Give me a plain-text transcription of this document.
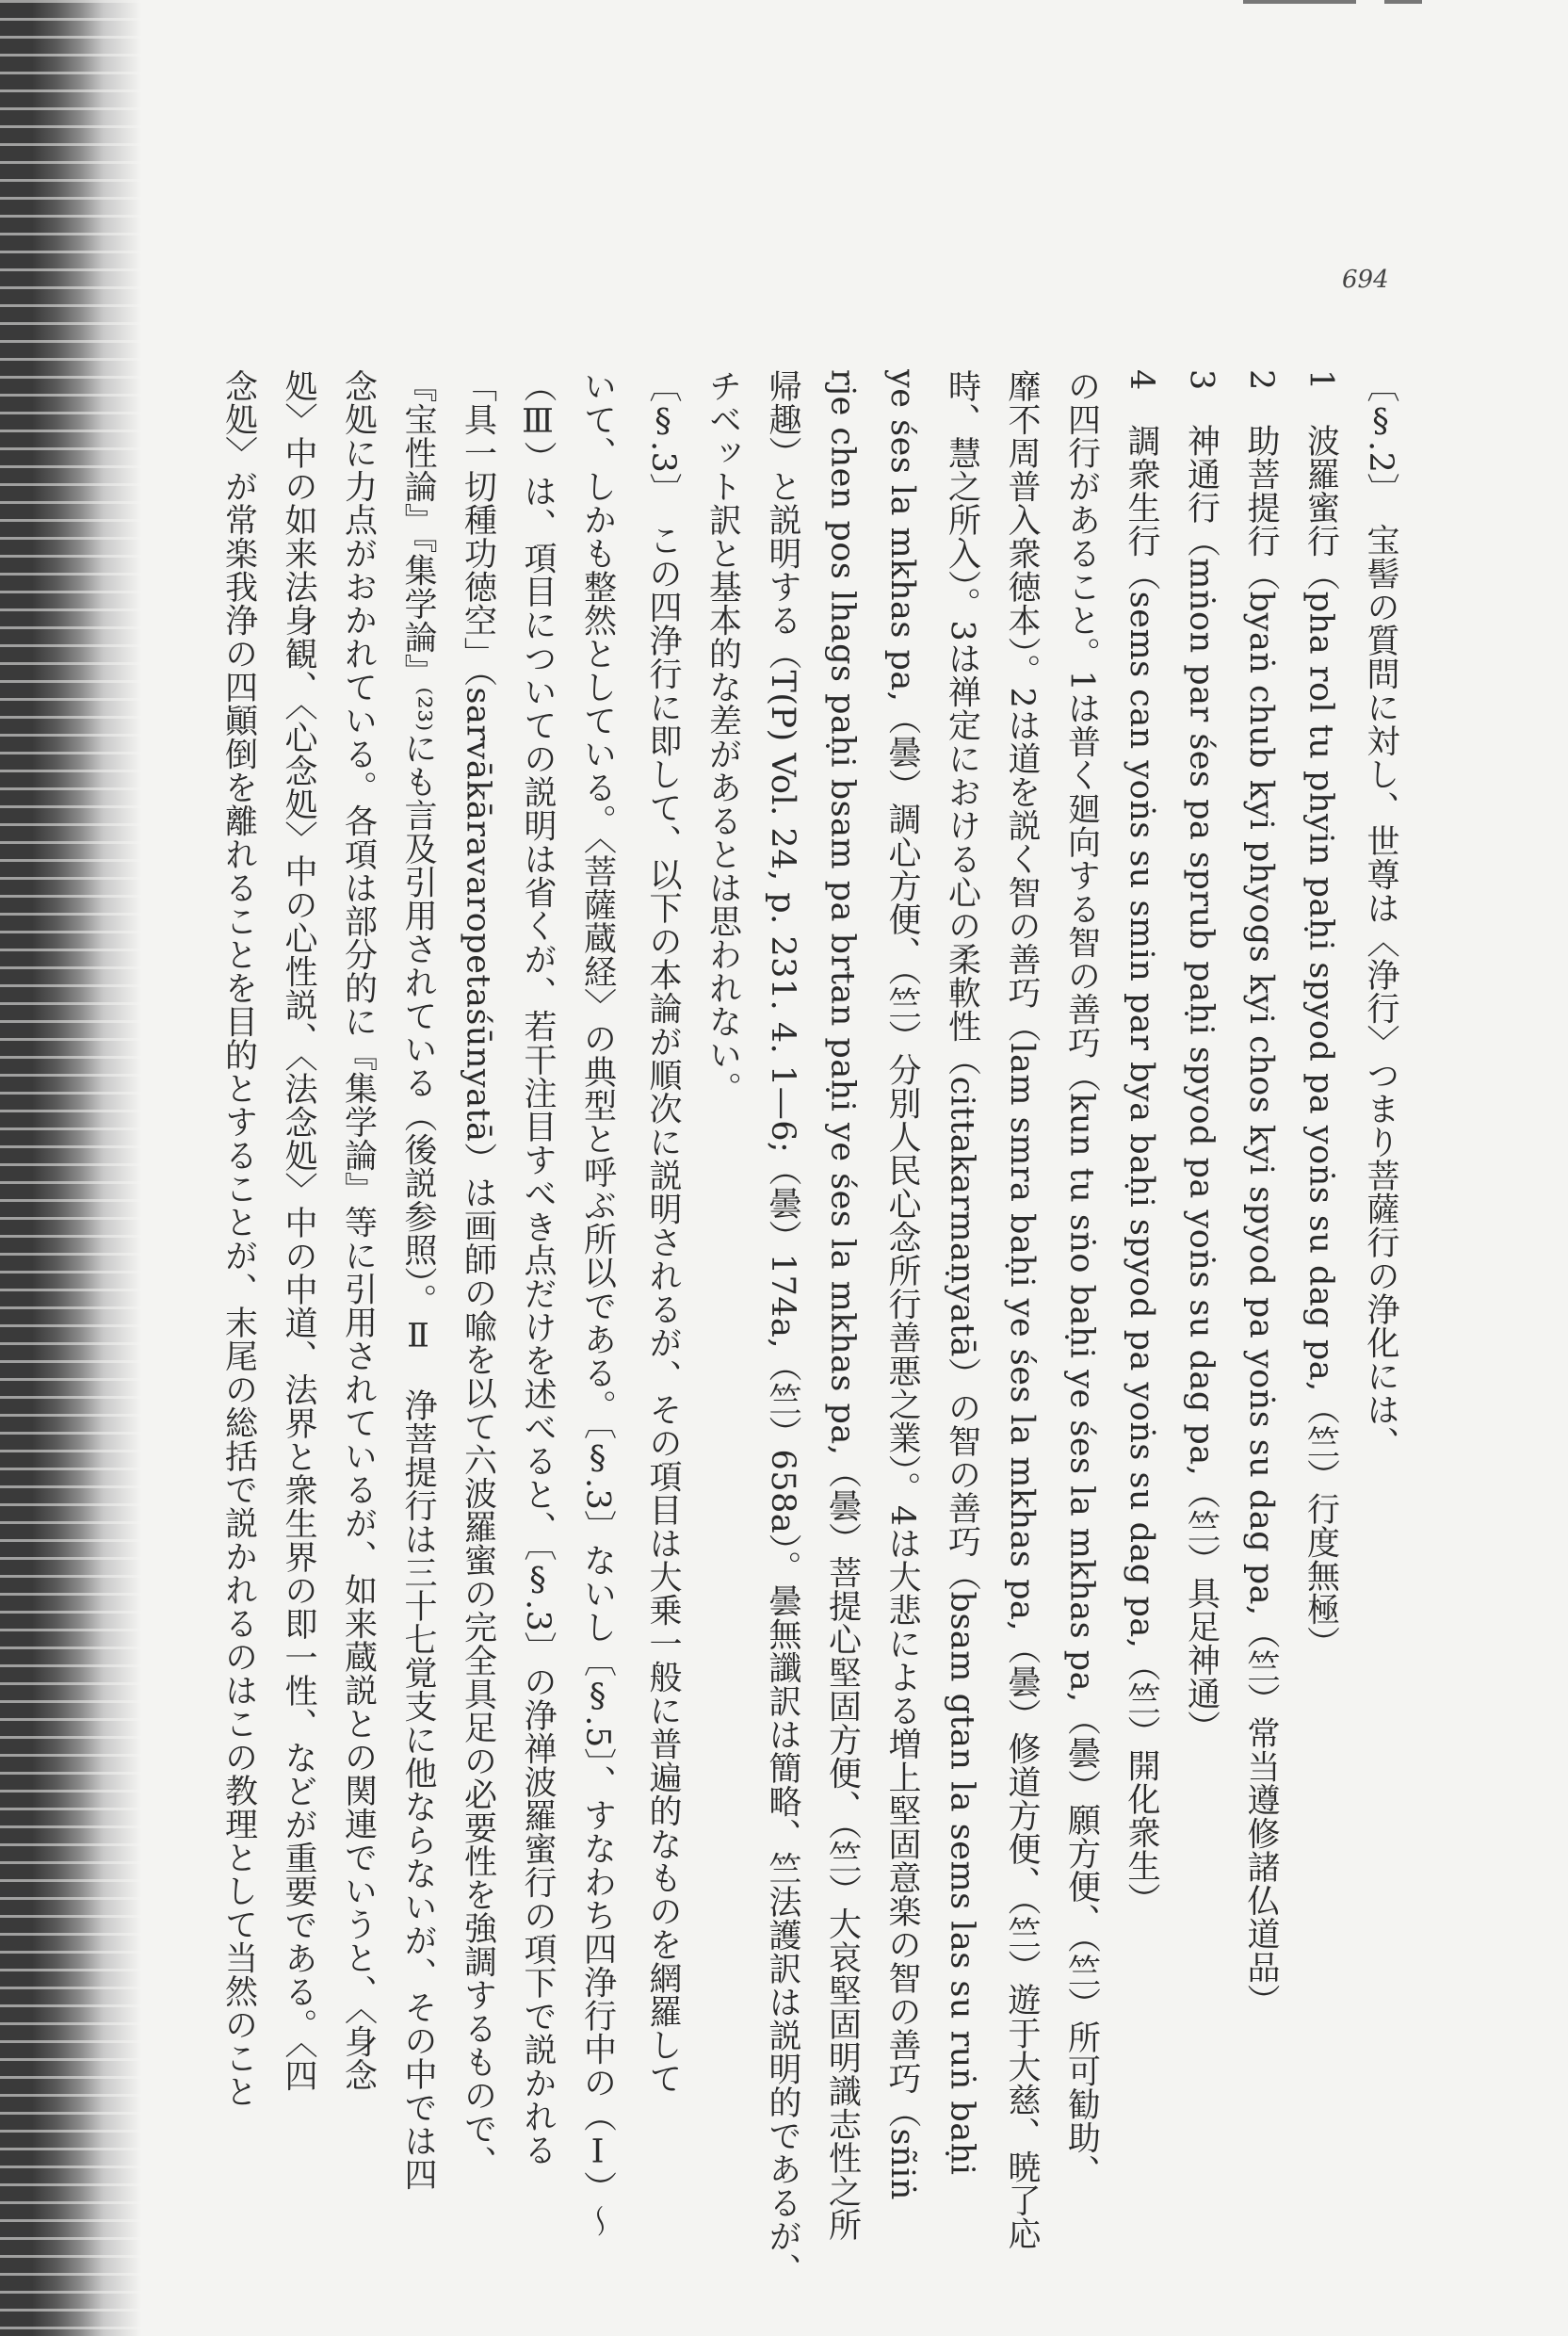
694
〔§.2〕　宝髻の質問に対し、世尊は〈浄行〉つまり菩薩行の浄化には、
1　波羅蜜行（pha rol tu phyin paḥi spyod pa yoṅs su dag pa,（竺）行度無極）
2　助菩提行（byaṅ chub kyi phyogs kyi chos kyi spyod pa yoṅs su dag pa,（竺）常当遵修諸仏道品）
3　神通行（mṅon par śes pa sprub paḥi spyod pa yoṅs su dag pa,（竺）具足神通）
4　調衆生行（sems can yoṅs su smin par bya baḥi spyod pa yoṅs su dag pa,（竺）開化衆生）
の四行があること。1は普く廻向する智の善巧（kun tu sṅo baḥi ye śes la mkhas pa,（曇）願方便、（竺）所可勧助、
靡不周普入衆徳本）。2は道を説く智の善巧（lam smra baḥi ye śes la mkhas pa,（曇）修道方便、（竺）遊于大慈、暁了応
時、慧之所入）。3は禅定における心の柔軟性（cittakarmaṇyatā）の智の善巧（bsam gtan la sems las su ruṅ baḥi
ye śes la mkhas pa,（曇）調心方便、（竺）分別人民心念所行善悪之業）。4は大悲による増上堅固意楽の智の善巧（sñiṅ
rje chen pos lhags paḥi bsam pa brtan paḥi ye śes la mkhas pa,（曇）菩提心堅固方便、（竺）大哀堅固明識志性之所
帰趣）と説明する（T(P) Vol. 24, p. 231. 4. 1—6;（曇）174a,（竺）658a）。曇無讖訳は簡略、竺法護訳は説明的であるが、
チベット訳と基本的な差があるとは思われない。
〔§.3〕　この四浄行に即して、以下の本論が順次に説明されるが、その項目は大乗一般に普遍的なものを網羅して
いて、しかも整然としている。〈菩薩蔵経〉の典型と呼ぶ所以である。〔§.3〕ないし〔§.5〕、すなわち四浄行中の（Ⅰ）～
（Ⅲ）は、項目についての説明は省くが、若干注目すべき点だけを述べると、〔§.3〕の浄禅波羅蜜行の項下で説かれる
「具一切種功徳空」（sarvākāravaropetaśūnyatā）は画師の喩を以て六波羅蜜の完全具足の必要性を強調するもので、
『宝性論』『集学論』⁽²³⁾にも言及引用されている（後説参照）。Ⅱ　浄菩提行は三十七覚支に他ならないが、その中では四
念処に力点がおかれている。各項は部分的に『集学論』等に引用されているが、如来蔵説との関連でいうと、〈身念
処〉中の如来法身観、〈心念処〉中の心性説、〈法念処〉中の中道、法界と衆生界の即一性、などが重要である。〈四
念処〉が常楽我浄の四顚倒を離れることを目的とすることが、末尾の総括で説かれるのはこの教理として当然のこと
